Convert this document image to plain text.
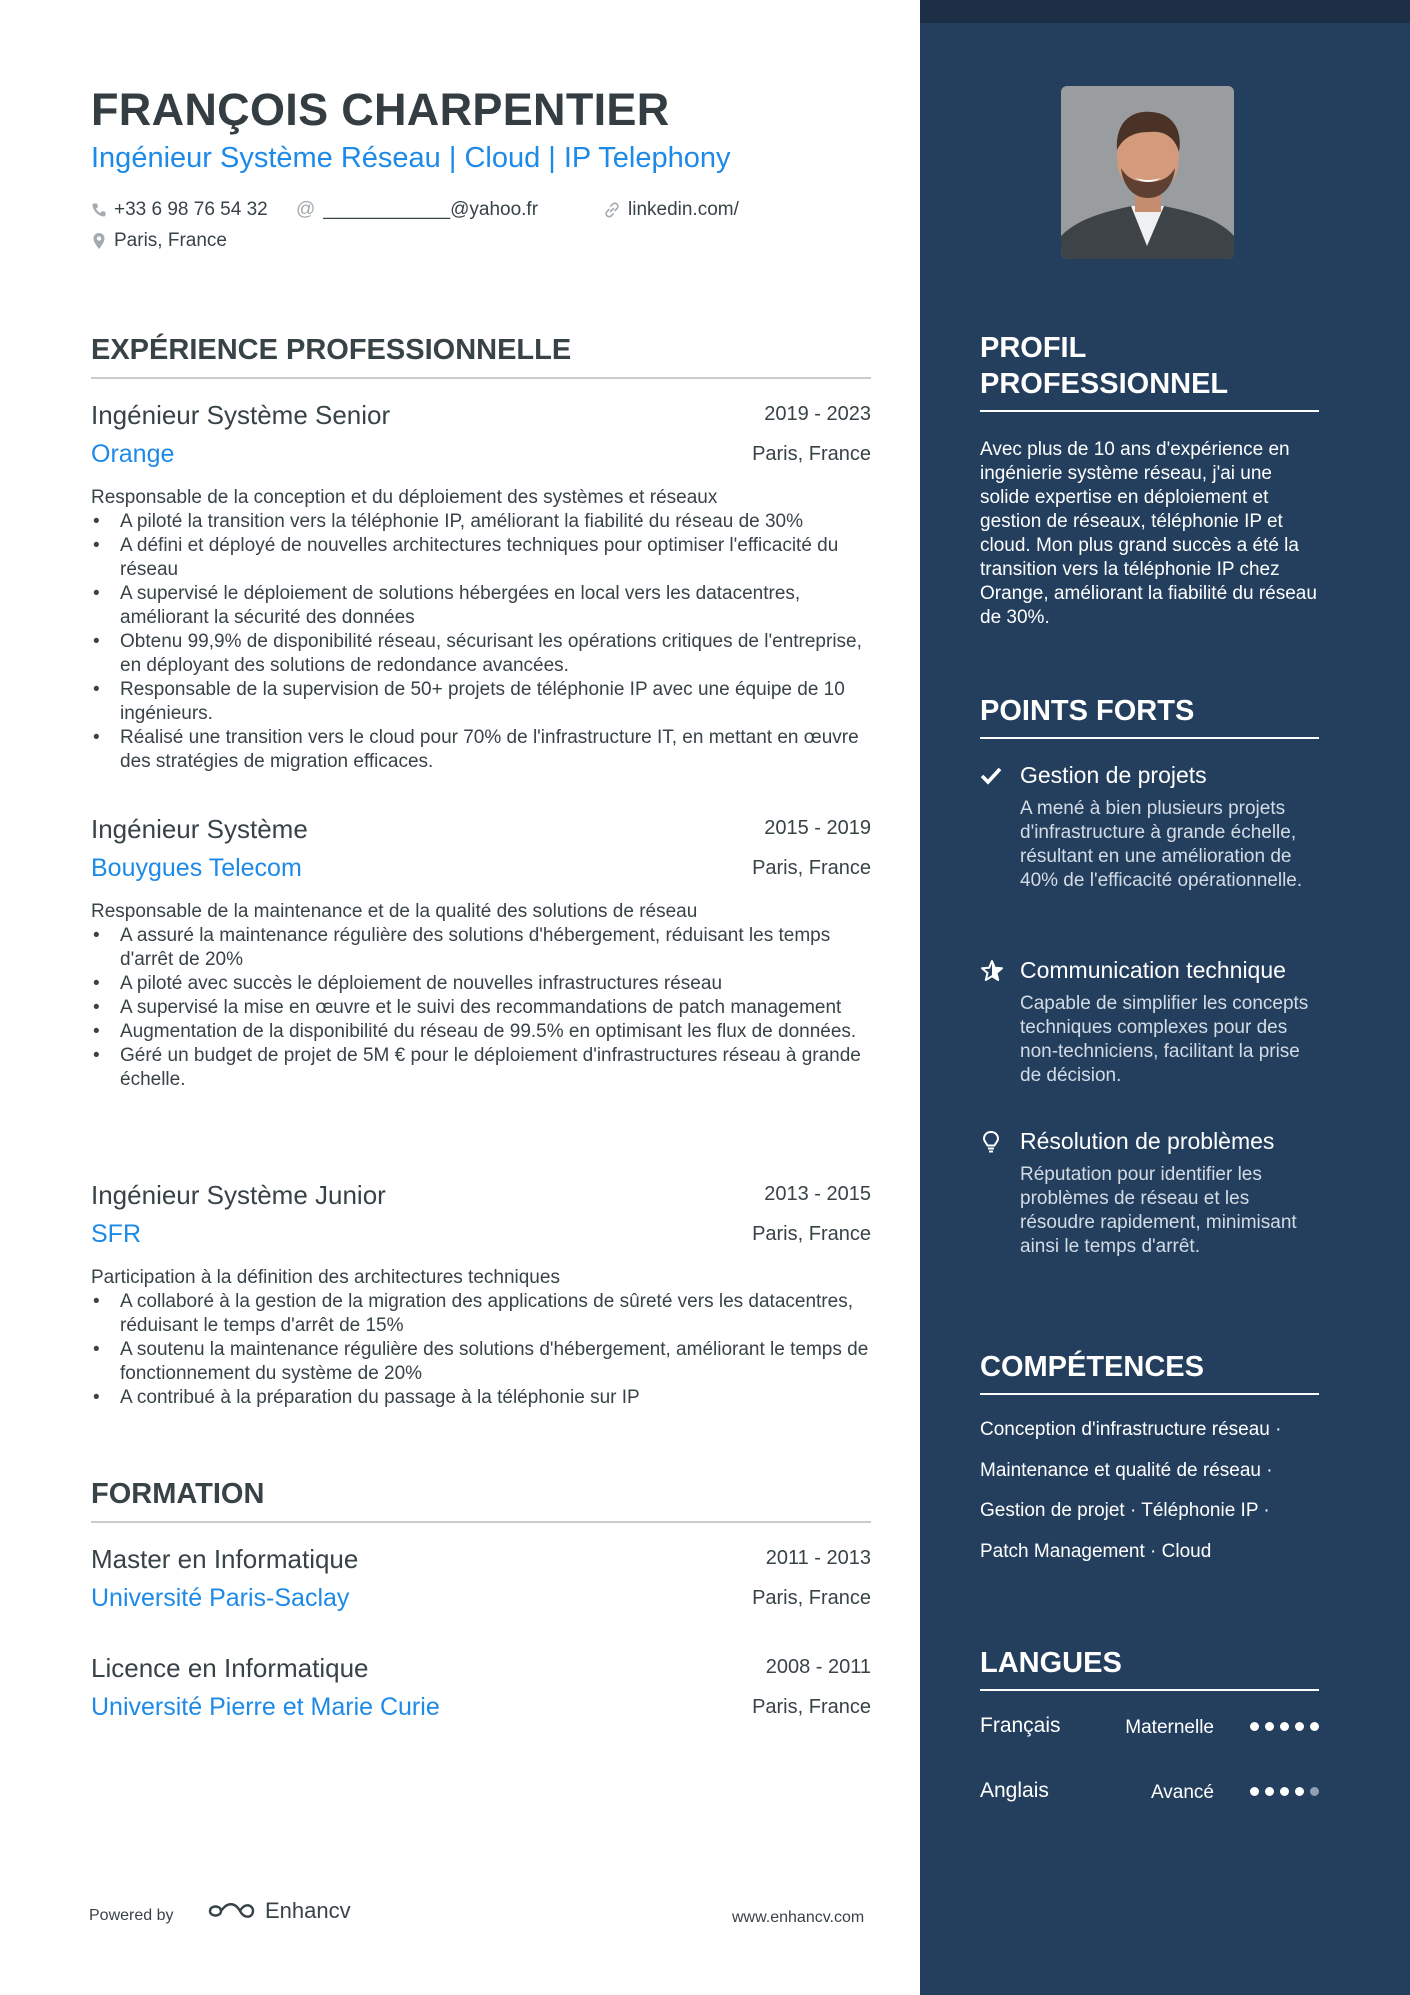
FRANÇOIS CHARPENTIER
Ingénieur Système Réseau | Cloud | IP Telephony
+33 6 98 76 54 32 @ ____________@yahoo.fr	linkedin.com/
Paris, France
EXPÉRIENCE PROFESSIONNELLE
Ingénieur Système Senior	2019 - 2023
Orange	Paris, France
Responsable de la conception et du déploiement des systèmes et réseaux
• A piloté la transition vers la téléphonie IP, améliorant la fiabilité du réseau de 30%
• A défini et déployé de nouvelles architectures techniques pour optimiser l'efficacité du réseau
• A supervisé le déploiement de solutions hébergées en local vers les datacentres, améliorant la sécurité des données
• Obtenu 99,9% de disponibilité réseau, sécurisant les opérations critiques de l'entreprise, en déployant des solutions de redondance avancées.
• Responsable de la supervision de 50+ projets de téléphonie IP avec une équipe de 10 ingénieurs.
• Réalisé une transition vers le cloud pour 70% de l'infrastructure IT, en mettant en œuvre des stratégies de migration efficaces.
Ingénieur Système	2015 - 2019
Bouygues Telecom	Paris, France
Responsable de la maintenance et de la qualité des solutions de réseau
• A assuré la maintenance régulière des solutions d'hébergement, réduisant les temps d'arrêt de 20%
• A piloté avec succès le déploiement de nouvelles infrastructures réseau
• A supervisé la mise en œuvre et le suivi des recommandations de patch management
• Augmentation de la disponibilité du réseau de 99.5% en optimisant les flux de données.
• Géré un budget de projet de 5M € pour le déploiement d'infrastructures réseau à grande échelle.
Ingénieur Système Junior	2013 - 2015
SFR	Paris, France
Participation à la définition des architectures techniques
• A collaboré à la gestion de la migration des applications de sûreté vers les datacentres, réduisant le temps d'arrêt de 15%
• A soutenu la maintenance régulière des solutions d'hébergement, améliorant le temps de fonctionnement du système de 20%
• A contribué à la préparation du passage à la téléphonie sur IP
FORMATION
Master en Informatique	2011 - 2013
Université Paris-Saclay	Paris, France
Licence en Informatique	2008 - 2011
Université Pierre et Marie Curie	Paris, France
Powered by	Enhancv	www.enhancv.com
PROFIL PROFESSIONNEL

Avec plus de 10 ans d'expérience en ingénierie système réseau, j'ai une solide expertise en déploiement et gestion de réseaux, téléphonie IP et cloud. Mon plus grand succès a été la transition vers la téléphonie IP chez Orange, améliorant la fiabilité du réseau de 30%.

POINTS FORTS
Gestion de projets
A mené à bien plusieurs projets d'infrastructure à grande échelle, résultant en une amélioration de 40% de l'efficacité opérationnelle.
Communication technique
Capable de simplifier les concepts techniques complexes pour des non-techniciens, facilitant la prise de décision.
Résolution de problèmes
Réputation pour identifier les problèmes de réseau et les résoudre rapidement, minimisant ainsi le temps d'arrêt.
COMPÉTENCES
Conception d'infrastructure réseau ·
Maintenance et qualité de réseau ·
Gestion de projet · Téléphonie IP ·
Patch Management · Cloud
LANGUES
Français	Maternelle
Anglais	Avancé
